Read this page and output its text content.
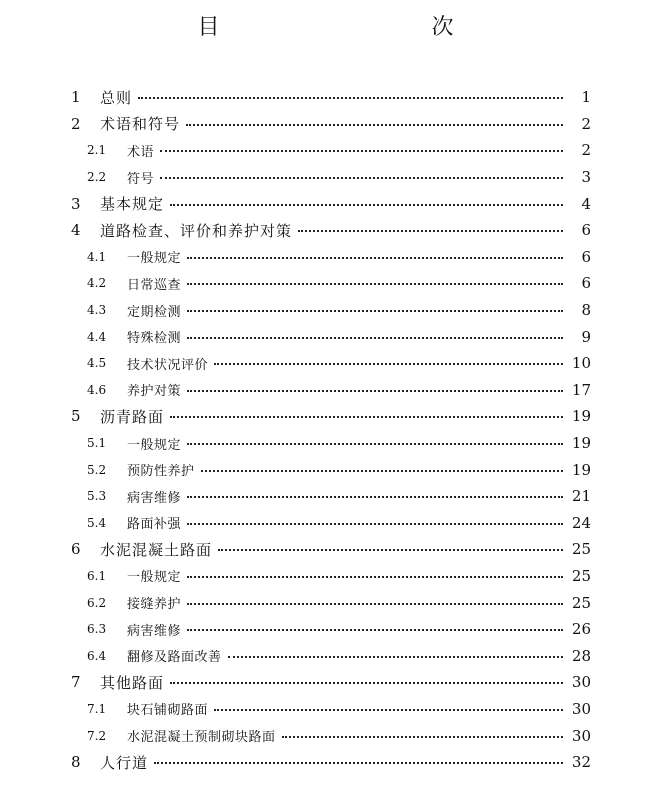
目　　次
1	总则	1
2	术语和符号	2
2.1	术语	2
2.2	符号	3
3	基本规定	4
4	道路检查、评价和养护对策	6
4.1	一般规定	6
4.2	日常巡查	6
4.3	定期检测	8
4.4	特殊检测	9
4.5	技术状况评价	10
4.6	养护对策	17
5	沥青路面	19
5.1	一般规定	19
5.2	预防性养护	19
5.3	病害维修	21
5.4	路面补强	24
6	水泥混凝土路面	25
6.1	一般规定	25
6.2	接缝养护	25
6.3	病害维修	26
6.4	翻修及路面改善	28
7	其他路面	30
7.1	块石铺砌路面	30
7.2	水泥混凝土预制砌块路面	30
8	人行道	32
